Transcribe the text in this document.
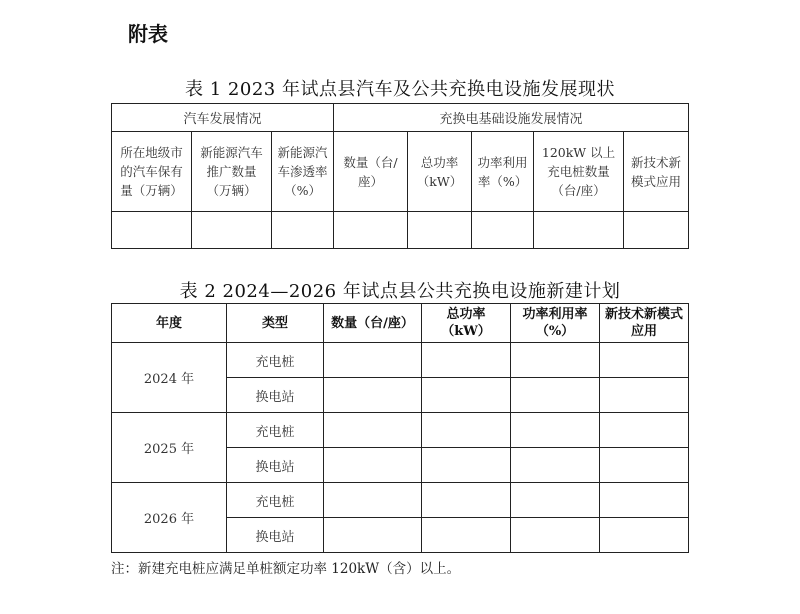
附表
表 1 2023 年试点县汽车及公共充换电设施发展现状
汽车发展情况			充换电基础设施发展情况				
所在地级市的汽车保有量（万辆）	新能源汽车推广数量（万辆）	新能源汽车渗透率（%）	数量（台/座）	总功率（kW）	功率利用率（%）	120kW 以上充电桩数量（台/座）	新技术新模式应用

表 2 2024—2026 年试点县公共充换电设施新建计划
年度	类型	数量（台/座）	总功率（kW）	功率利用率（%）	新技术新模式应用
2024 年	充电桩				
	换电站				
2025 年	充电桩				
	换电站				
2026 年	充电桩				
	换电站				
注：新建充电桩应满足单桩额定功率 120kW（含）以上。
